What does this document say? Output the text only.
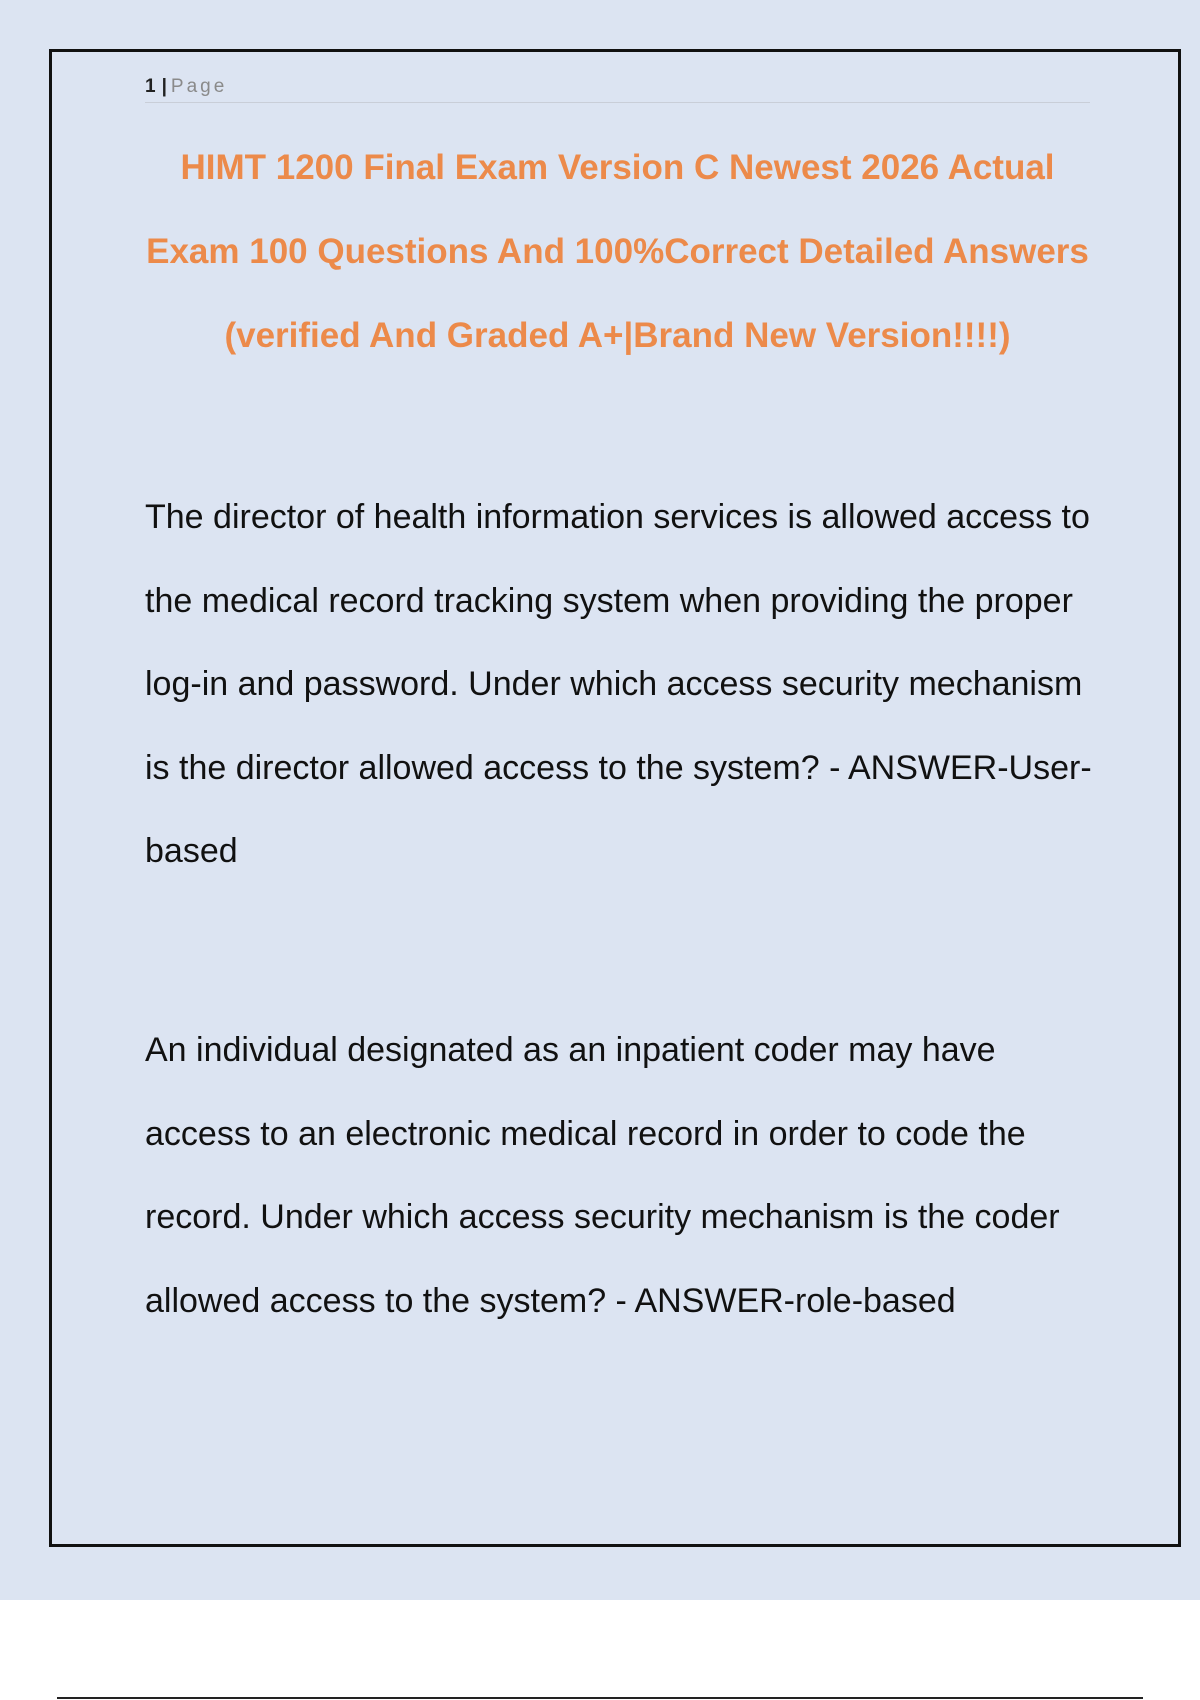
1 | Page
HIMT 1200 Final Exam Version C Newest 2026 Actual Exam 100 Questions And 100%Correct Detailed Answers (verified And Graded A+|Brand New Version!!!!)

The director of health information services is allowed access to the medical record tracking system when providing the proper log-in and password. Under which access security mechanism is the director allowed access to the system? - ANSWER-User-based

An individual designated as an inpatient coder may have access to an electronic medical record in order to code the record. Under which access security mechanism is the coder allowed access to the system? - ANSWER-role-based
